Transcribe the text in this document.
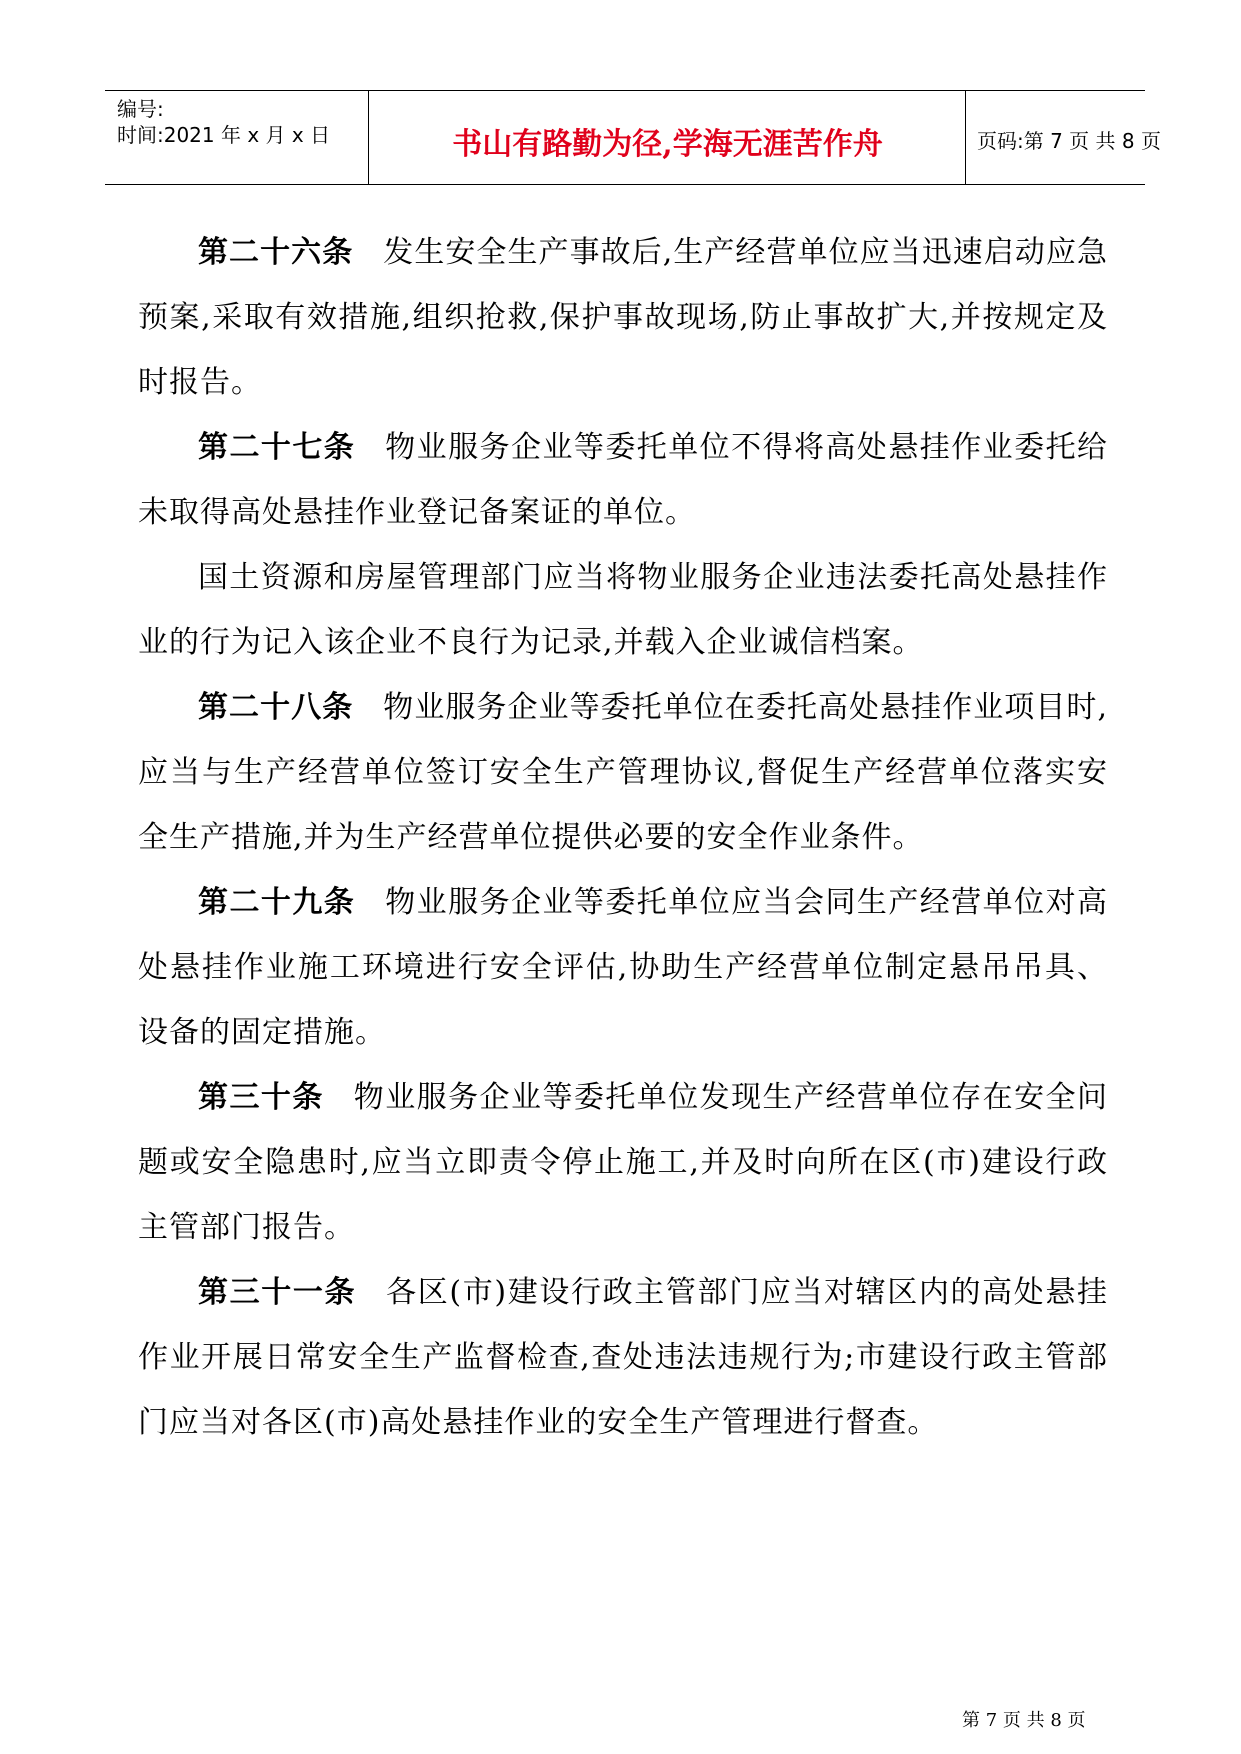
编号:
时间:2021 年 x 月 x 日	书山有路勤为径,学海无涯苦作舟	页码:第 7 页 共 8 页

第二十六条 发生安全生产事故后,生产经营单位应当迅速启动应急预案,采取有效措施,组织抢救,保护事故现场,防止事故扩大,并按规定及时报告。

第二十七条 物业服务企业等委托单位不得将高处悬挂作业委托给未取得高处悬挂作业登记备案证的单位。

国土资源和房屋管理部门应当将物业服务企业违法委托高处悬挂作业的行为记入该企业不良行为记录,并载入企业诚信档案。

第二十八条 物业服务企业等委托单位在委托高处悬挂作业项目时,应当与生产经营单位签订安全生产管理协议,督促生产经营单位落实安全生产措施,并为生产经营单位提供必要的安全作业条件。

第二十九条 物业服务企业等委托单位应当会同生产经营单位对高处悬挂作业施工环境进行安全评估,协助生产经营单位制定悬吊吊具、设备的固定措施。

第三十条 物业服务企业等委托单位发现生产经营单位存在安全问题或安全隐患时,应当立即责令停止施工,并及时向所在区(市)建设行政主管部门报告。

第三十一条 各区(市)建设行政主管部门应当对辖区内的高处悬挂作业开展日常安全生产监督检查,查处违法违规行为;市建设行政主管部门应当对各区(市)高处悬挂作业的安全生产管理进行督查。

第 7 页 共 8 页
